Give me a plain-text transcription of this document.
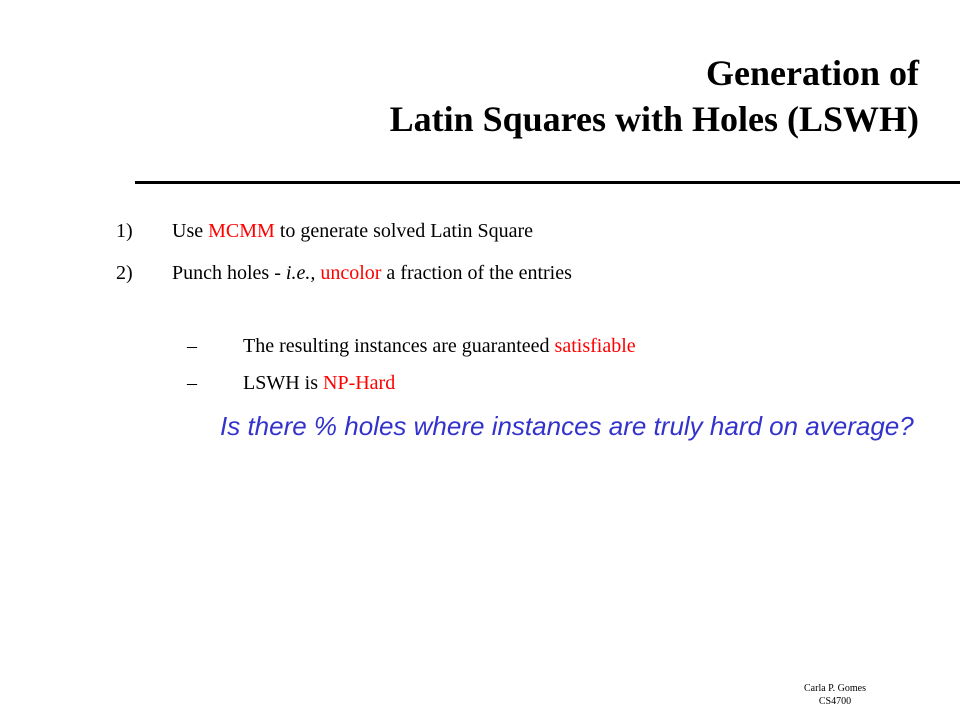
Generation of
Latin Squares with Holes (LSWH)
1) Use MCMM to generate solved Latin Square
2) Punch holes - i.e., uncolor a fraction of the entries
– The resulting instances are guaranteed satisfiable
– LSWH is NP-Hard
Is there % holes where instances are truly hard on average?
Carla P. Gomes
CS4700
